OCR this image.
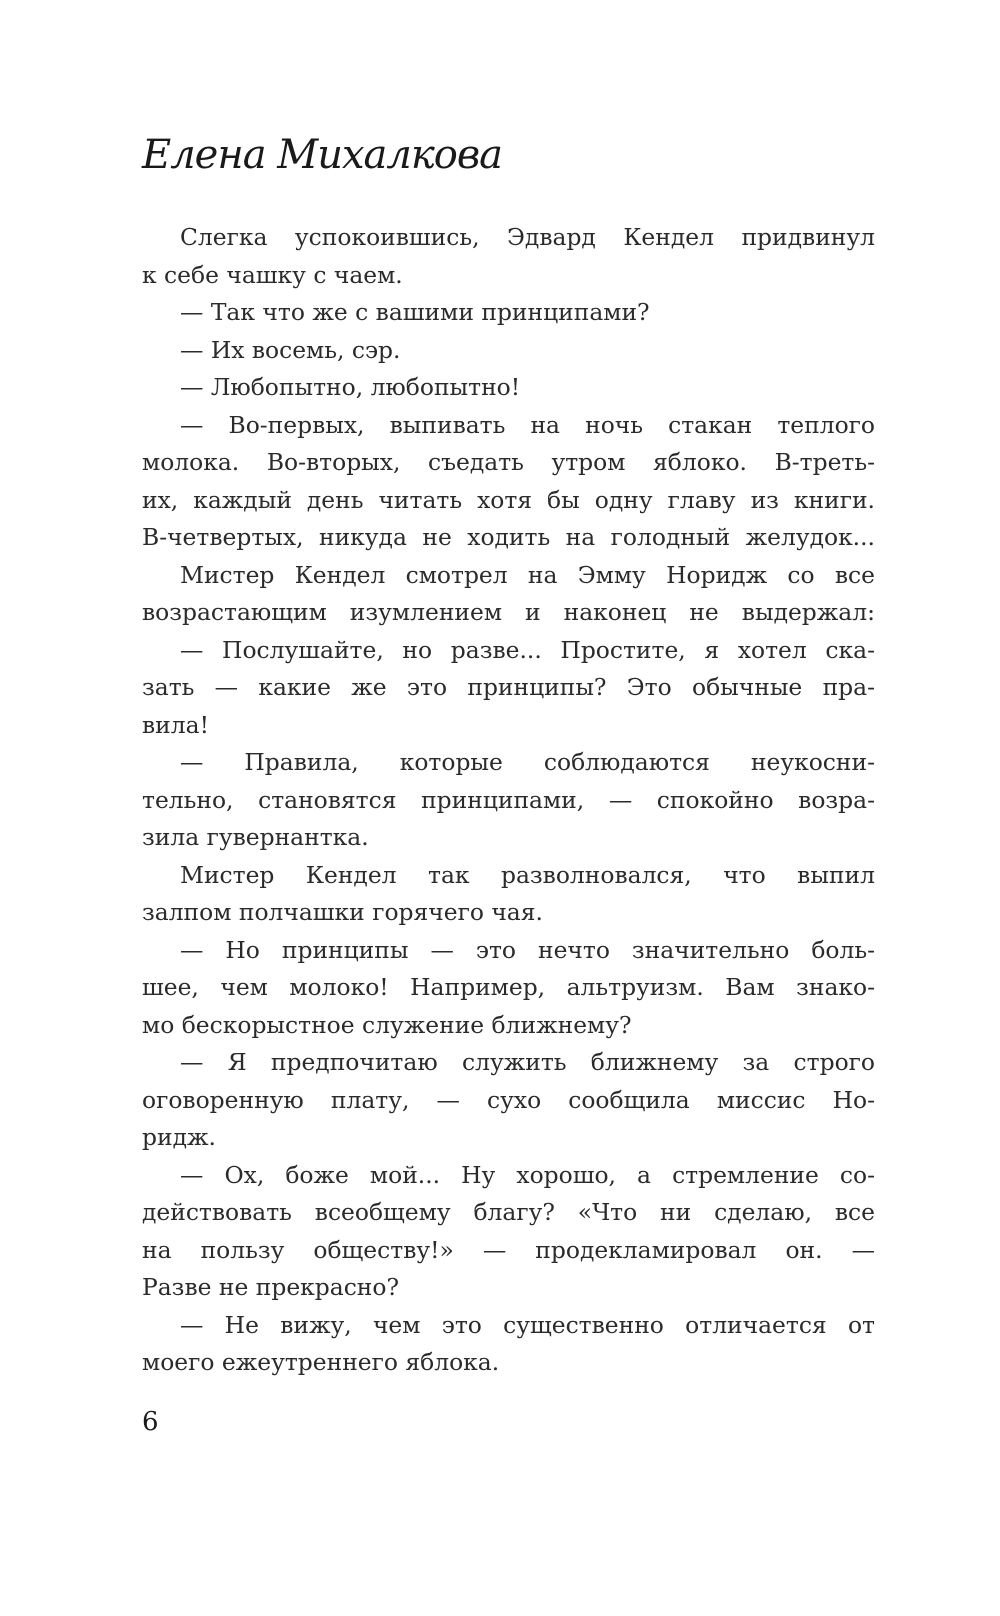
Елена Михалкова
Слегка успокоившись, Эдвард Кендел придвинул
к себе чашку с чаем.
— Так что же с вашими принципами?
— Их восемь, сэр.
— Любопытно, любопытно!
— Во-первых, выпивать на ночь стакан теплого
молока. Во-вторых, съедать утром яблоко. В-треть-
их, каждый день читать хотя бы одну главу из книги.
В-четвертых, никуда не ходить на голодный желудок...
Мистер Кендел смотрел на Эмму Норидж со все
возрастающим изумлением и наконец не выдержал:
— Послушайте, но разве... Простите, я хотел ска-
зать — какие же это принципы? Это обычные пра-
вила!
— Правила, которые соблюдаются неукосни-
тельно, становятся принципами, — спокойно возра-
зила гувернантка.
Мистер Кендел так разволновался, что выпил
залпом полчашки горячего чая.
— Но принципы — это нечто значительно боль-
шее, чем молоко! Например, альтруизм. Вам знако-
мо бескорыстное служение ближнему?
— Я предпочитаю служить ближнему за строго
оговоренную плату, — сухо сообщила миссис Но-
ридж.
— Ох, боже мой... Ну хорошо, а стремление со-
действовать всеобщему благу? «Что ни сделаю, все
на пользу обществу!» — продекламировал он. —
Разве не прекрасно?
— Не вижу, чем это существенно отличается от
моего ежеутреннего яблока.
6
